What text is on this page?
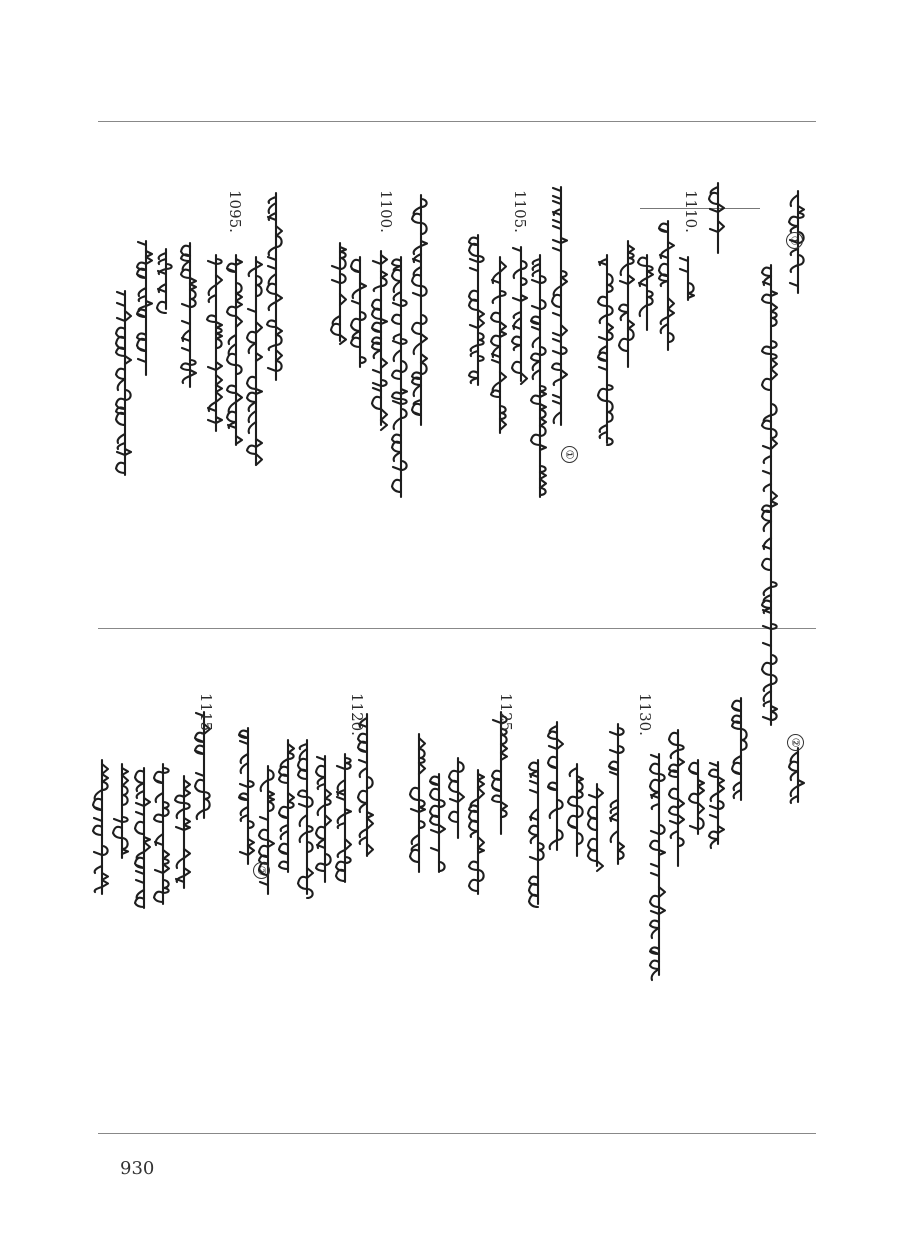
1110.
1105.
1100.
1095.
1130.
1125.
1120.
1115.
①
①
②
②
930
